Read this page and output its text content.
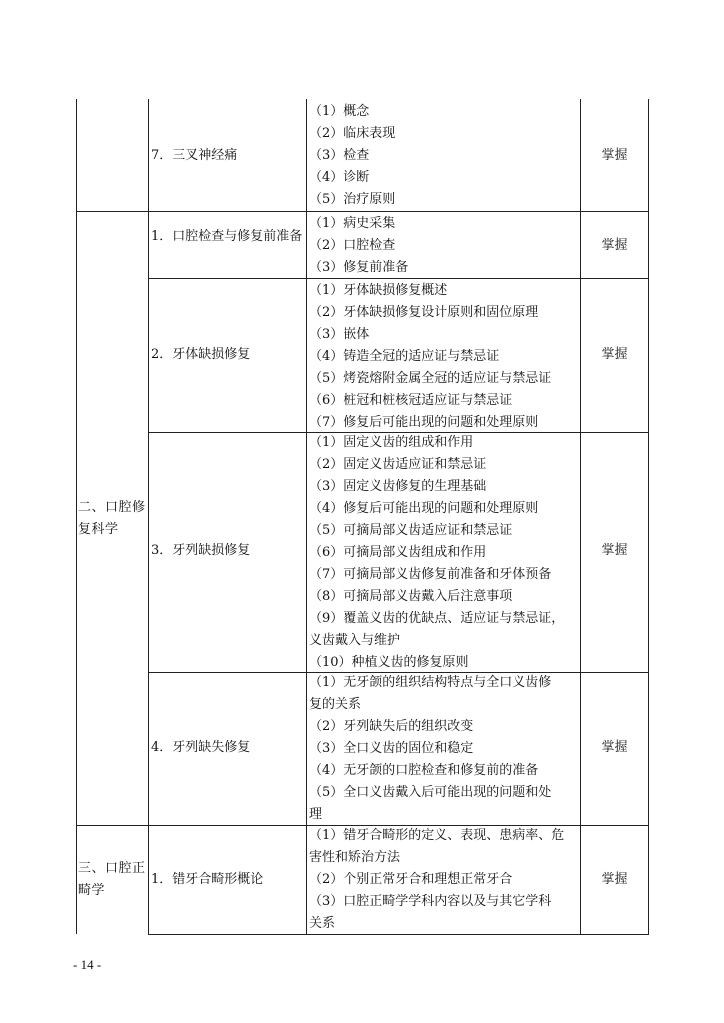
7．三叉神经痛
（1）概念
（2）临床表现
（3）检查
（4）诊断
（5）治疗原则
掌握
二、口腔修复科学
1．口腔检查与修复前准备
（1）病史采集
（2）口腔检查
（3）修复前准备
掌握
2．牙体缺损修复
（1）牙体缺损修复概述
（2）牙体缺损修复设计原则和固位原理
（3）嵌体
（4）铸造全冠的适应证与禁忌证
（5）烤瓷熔附金属全冠的适应证与禁忌证
（6）桩冠和桩核冠适应证与禁忌证
（7）修复后可能出现的问题和处理原则
掌握
3．牙列缺损修复
（1）固定义齿的组成和作用
（2）固定义齿适应证和禁忌证
（3）固定义齿修复的生理基础
（4）修复后可能出现的问题和处理原则
（5）可摘局部义齿适应证和禁忌证
（6）可摘局部义齿组成和作用
（7）可摘局部义齿修复前准备和牙体预备
（8）可摘局部义齿戴入后注意事项
（9）覆盖义齿的优缺点、适应证与禁忌证，
义齿戴入与维护
（10）种植义齿的修复原则
掌握
4．牙列缺失修复
（1）无牙颌的组织结构特点与全口义齿修
复的关系
（2）牙列缺失后的组织改变
（3）全口义齿的固位和稳定
（4）无牙颌的口腔检查和修复前的准备
（5）全口义齿戴入后可能出现的问题和处
理
掌握
三、口腔正畸学
1．错牙合畸形概论
（1）错牙合畸形的定义、表现、患病率、危
害性和矫治方法
（2）个别正常牙合和理想正常牙合
（3）口腔正畸学学科内容以及与其它学科
关系
掌握
- 14 -
